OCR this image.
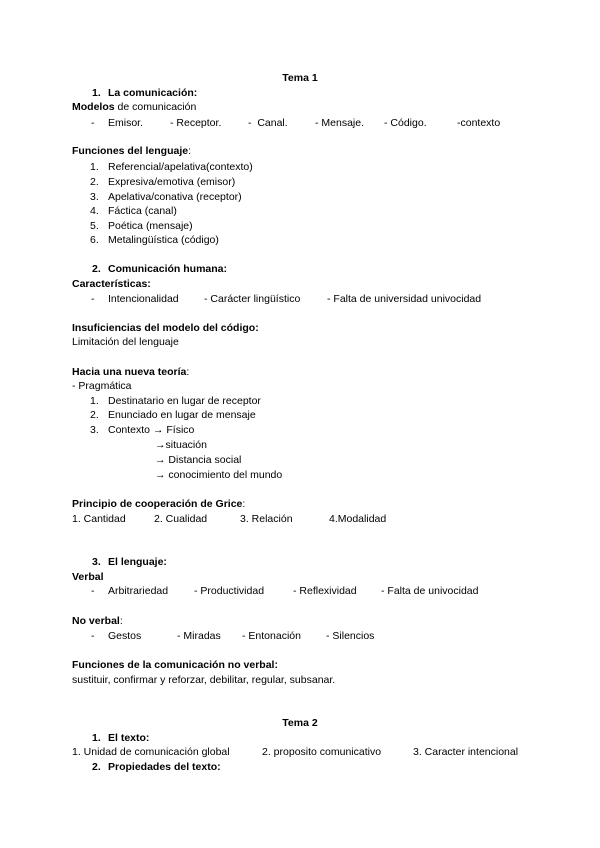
Tema 1
1. La comunicación:
Modelos de comunicación
- Emisor.	- Receptor.	-  Canal.	- Mensaje. - Código.	-contexto
Funciones del lenguaje:
1. Referencial/apelativa(contexto)
2. Expresiva/emotiva (emisor)
3. Apelativa/conativa (receptor)
4. Fáctica (canal)
5. Poética (mensaje)
6. Metalingüística (código)
2. Comunicación humana:
Características:
- Intencionalidad - Carácter lingüístico	- Falta de universidad univocidad
Insuficiencias del modelo del código:
Limitación del lenguaje
Hacia una nueva teoría:
- Pragmática
1. Destinatario en lugar de receptor
2. Enunciado en lugar de mensaje
3. Contexto → Físico
→situación
→ Distancia social
→ conocimiento del mundo
Principio de cooperación de Grice:
1. Cantidad	2. Cualidad	3. Relación	4.Modalidad
3. El lenguaje:
Verbal
- Arbitrariedad - Productividad	- Reflexividad - Falta de univocidad
No verbal:
- Gestos	- Miradas - Entonación - Silencios
Funciones de la comunicación no verbal:
sustituir, confirmar y reforzar, debilitar, regular, subsanar.
Tema 2
1. El texto:
1. Unidad de comunicación global	2. proposito comunicativo	3. Caracter intencional
2. Propiedades del texto:
